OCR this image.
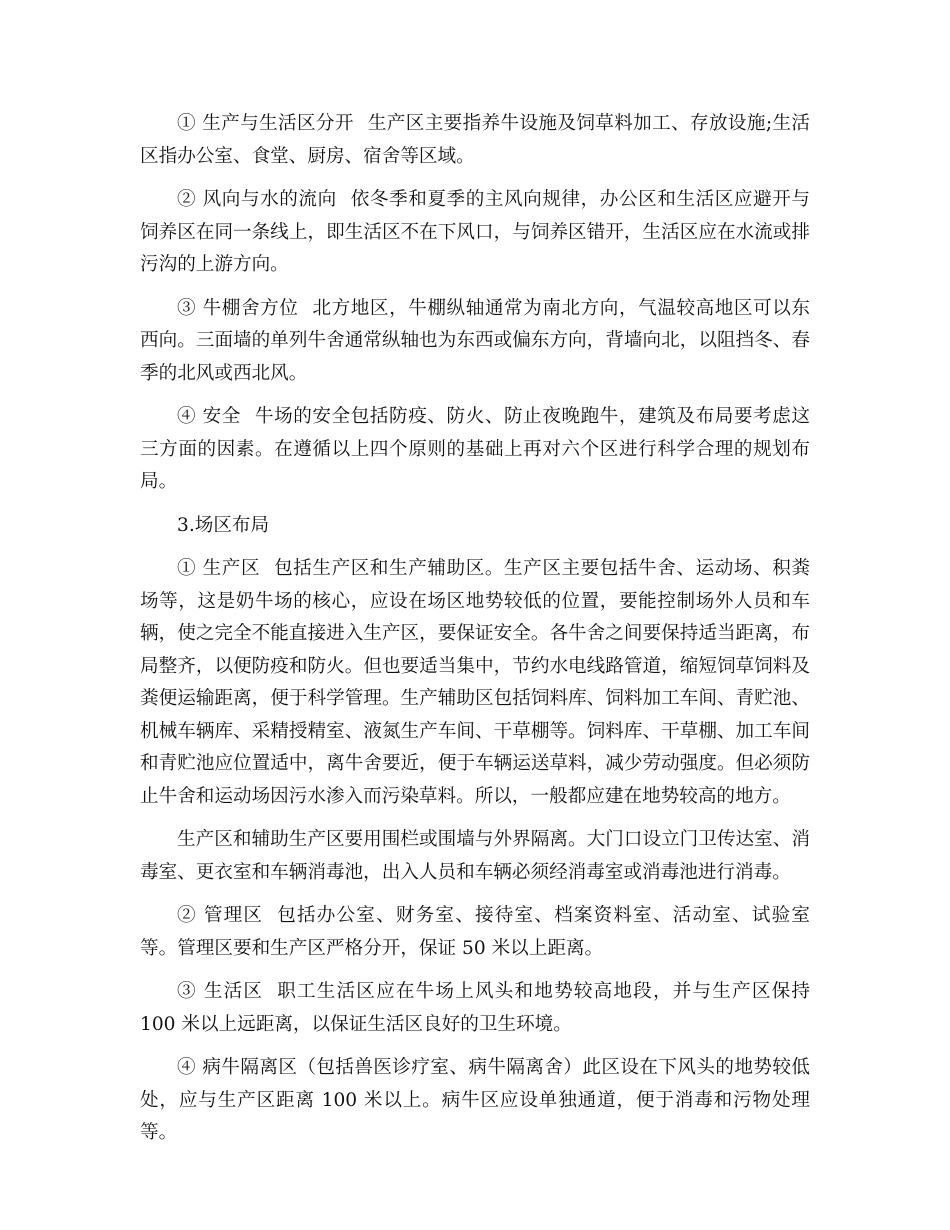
① 生产与生活区分开 生产区主要指养牛设施及饲草料加工、存放设施;生活区指办公室、食堂、厨房、宿舍等区域。

② 风向与水的流向 依冬季和夏季的主风向规律，办公区和生活区应避开与饲养区在同一条线上，即生活区不在下风口，与饲养区错开，生活区应在水流或排污沟的上游方向。

③ 牛棚舍方位 北方地区，牛棚纵轴通常为南北方向，气温较高地区可以东西向。三面墙的单列牛舍通常纵轴也为东西或偏东方向，背墙向北，以阻挡冬、春季的北风或西北风。

④ 安全 牛场的安全包括防疫、防火、防止夜晚跑牛，建筑及布局要考虑这三方面的因素。在遵循以上四个原则的基础上再对六个区进行科学合理的规划布局。

3.场区布局

① 生产区 包括生产区和生产辅助区。生产区主要包括牛舍、运动场、积粪场等，这是奶牛场的核心，应设在场区地势较低的位置，要能控制场外人员和车辆，使之完全不能直接进入生产区，要保证安全。各牛舍之间要保持适当距离，布局整齐，以便防疫和防火。但也要适当集中，节约水电线路管道，缩短饲草饲料及粪便运输距离，便于科学管理。生产辅助区包括饲料库、饲料加工车间、青贮池、机械车辆库、采精授精室、液氮生产车间、干草棚等。饲料库、干草棚、加工车间和青贮池应位置适中，离牛舍要近，便于车辆运送草料，减少劳动强度。但必须防止牛舍和运动场因污水渗入而污染草料。所以，一般都应建在地势较高的地方。

生产区和辅助生产区要用围栏或围墙与外界隔离。大门口设立门卫传达室、消毒室、更衣室和车辆消毒池，出入人员和车辆必须经消毒室或消毒池进行消毒。

② 管理区 包括办公室、财务室、接待室、档案资料室、活动室、试验室等。管理区要和生产区严格分开，保证 50 米以上距离。

③ 生活区 职工生活区应在牛场上风头和地势较高地段，并与生产区保持 100 米以上远距离，以保证生活区良好的卫生环境。

④ 病牛隔离区（包括兽医诊疗室、病牛隔离舍）此区设在下风头的地势较低处，应与生产区距离 100 米以上。病牛区应设单独通道，便于消毒和污物处理等。
